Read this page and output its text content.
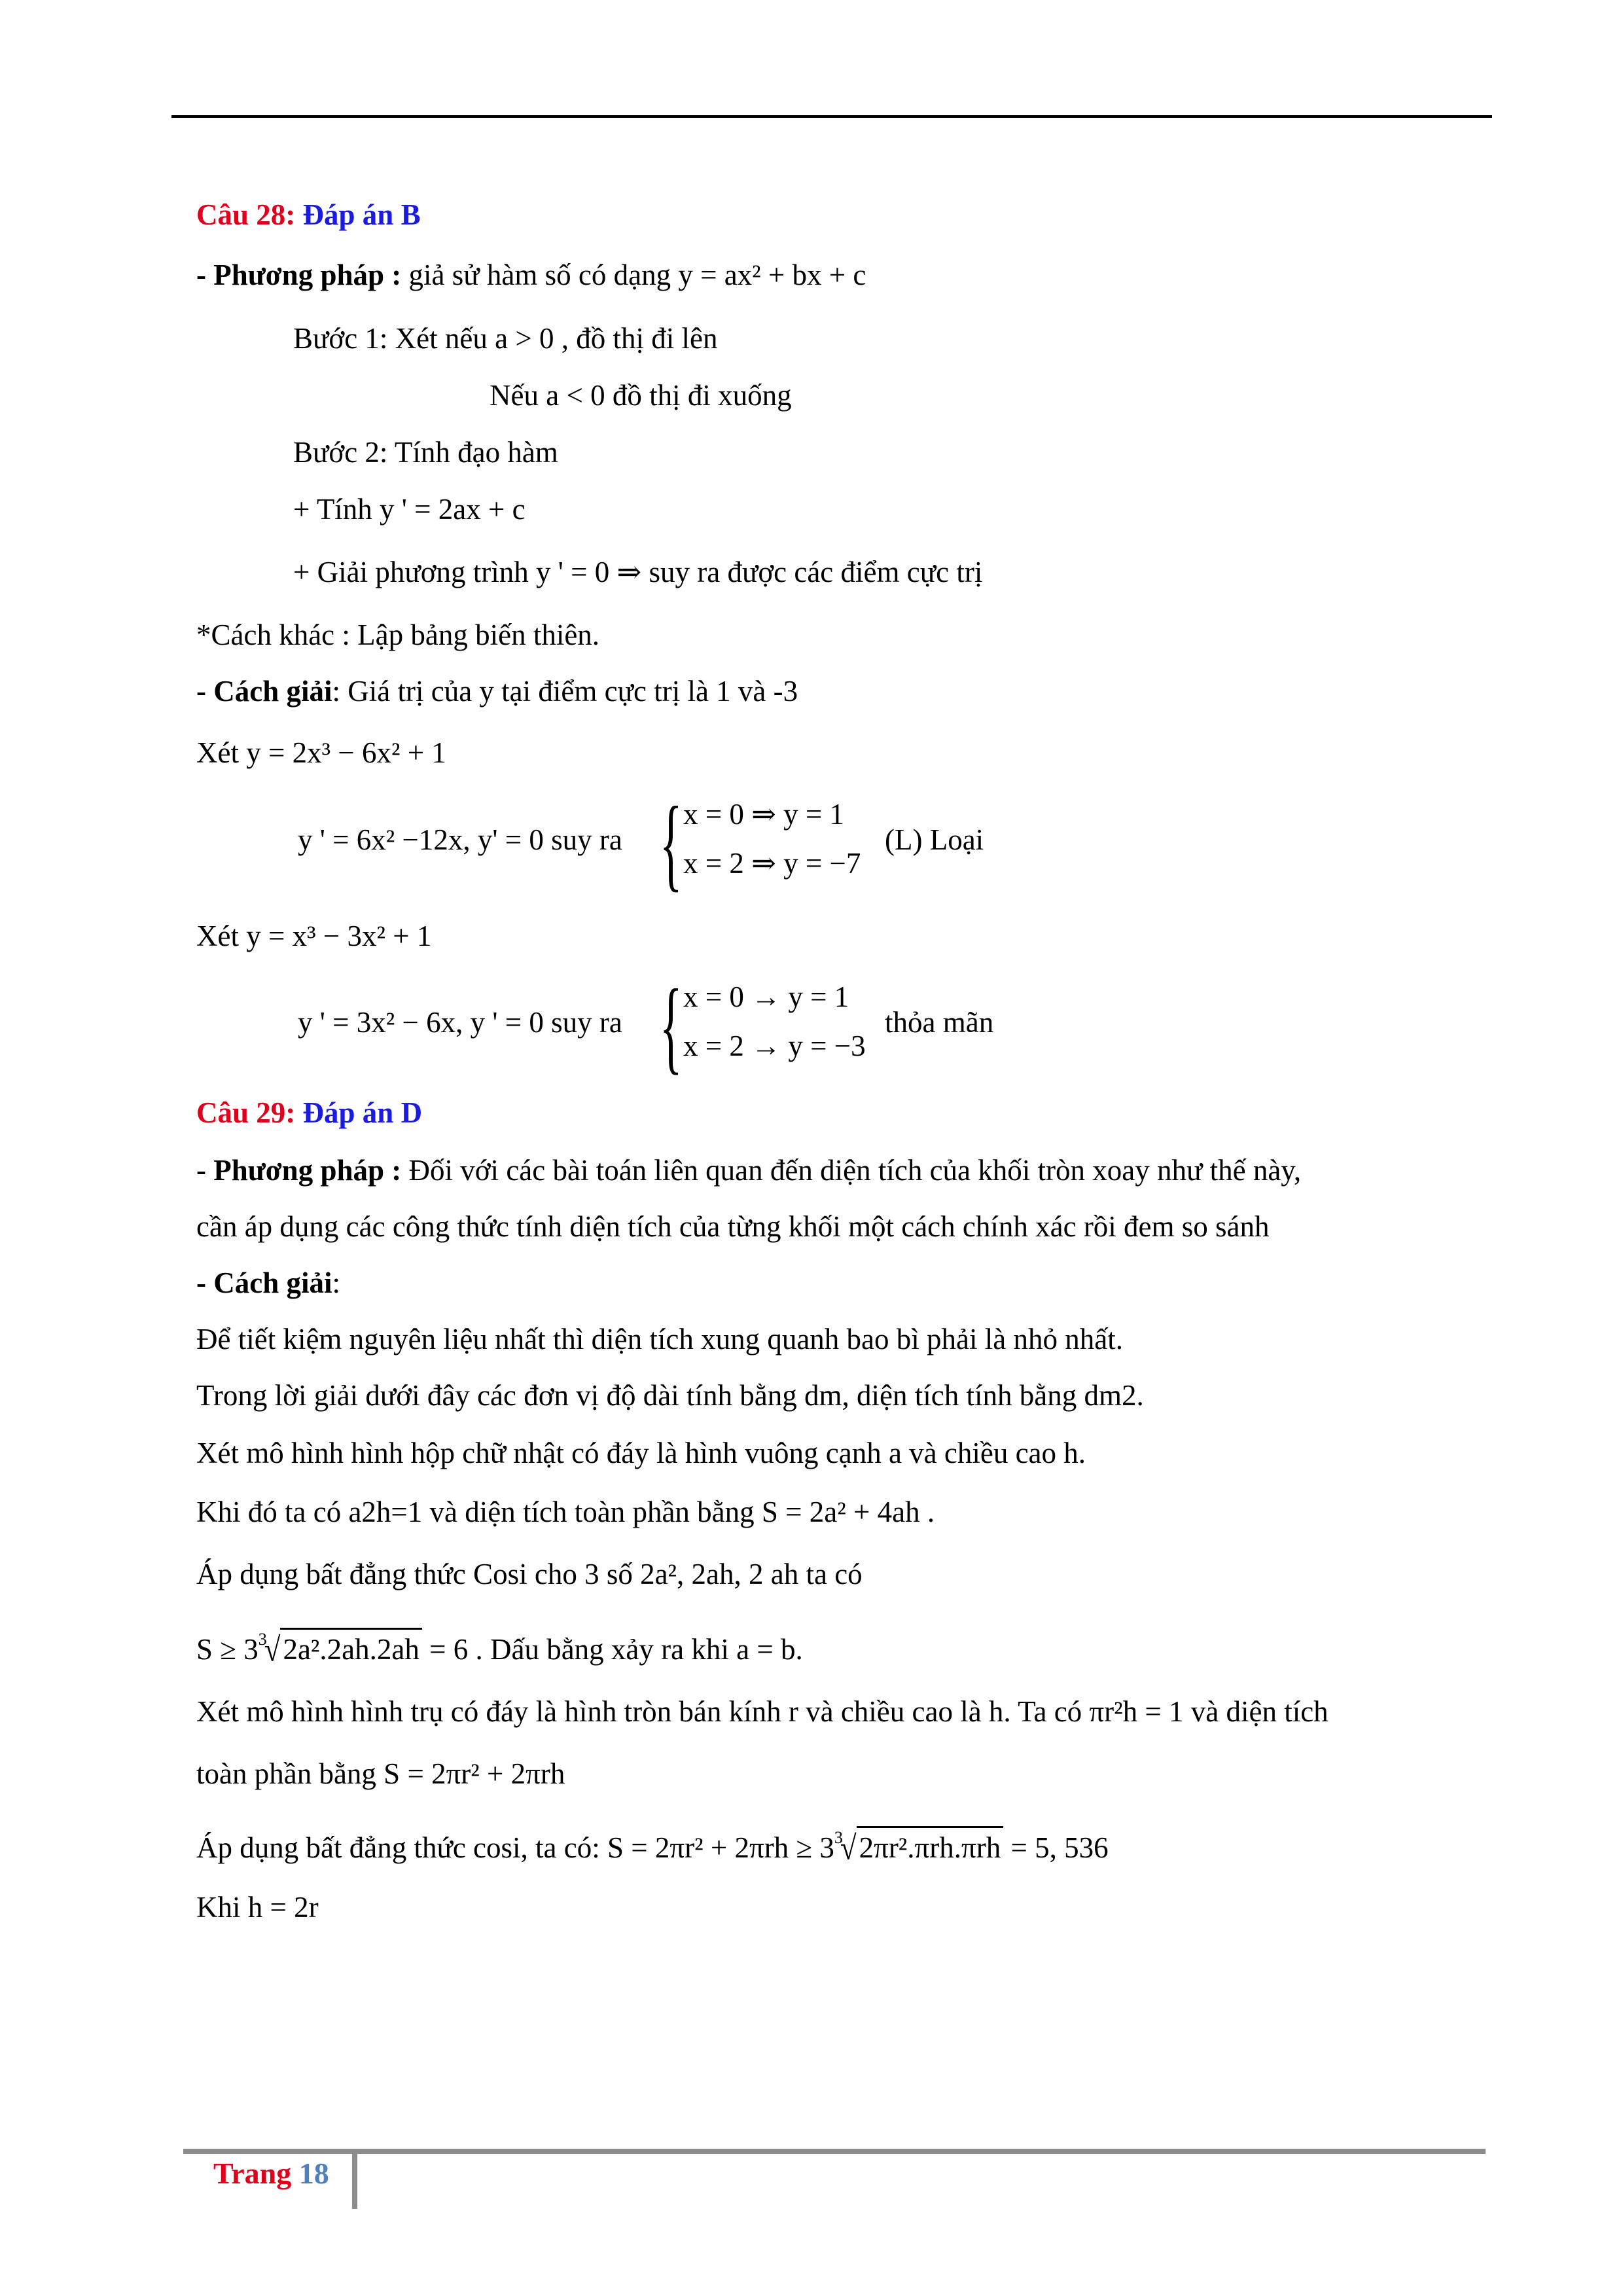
Câu 28: Đáp án B
- Phương pháp : giả sử hàm số có dạng y = ax² + bx + c
Bước 1: Xét nếu a > 0 , đồ thị đi lên
Nếu a < 0 đồ thị đi xuống
Bước 2: Tính đạo hàm
+ Tính y ' = 2ax + c
+ Giải phương trình y ' = 0 ⇒ suy ra được các điểm cực trị
*Cách khác : Lập bảng biến thiên.
- Cách giải: Giá trị của y tại điểm cực trị là 1 và -3
Xét y = 2x³ − 6x² + 1
y ' = 6x² −12x, y' = 0 suy ra { x = 0 ⇒ y = 1
x = 2 ⇒ y = −7
(L) Loại
Xét y = x³ − 3x² + 1
y ' = 3x² − 6x, y ' = 0 suy ra { x = 0 → y = 1
x = 2 → y = −3
thỏa mãn
Câu 29: Đáp án D
- Phương pháp : Đối với các bài toán liên quan đến diện tích của khối tròn xoay như thế này,
cần áp dụng các công thức tính diện tích của từng khối một cách chính xác rồi đem so sánh
- Cách giải:
Để tiết kiệm nguyên liệu nhất thì diện tích xung quanh bao bì phải là nhỏ nhất.
Trong lời giải dưới đây các đơn vị độ dài tính bằng dm, diện tích tính bằng dm2.
Xét mô hình hình hộp chữ nhật có đáy là hình vuông cạnh a và chiều cao h.
Khi đó ta có a2h=1 và diện tích toàn phần bằng S = 2a² + 4ah .
Áp dụng bất đẳng thức Cosi cho 3 số 2a², 2ah, 2 ah ta có
$S \ge 3^3√2a^2.2ah.2ah = 6$ . Dấu bằng xảy ra khi a = b.
Xét mô hình hình trụ có đáy là hình tròn bán kính r và chiều cao là h. Ta có πr²h = 1 và diện tích
toàn phần bằng S = 2πr² + 2πrh
Áp dụng bất đẳng thức cosi, ta có: $S = 2\pi r^2 + 2\pi rh \ge 3^3√2\pi r^2.\pi rh.\pi rh = 5$, 536
Khi h = 2r
Trang 18
